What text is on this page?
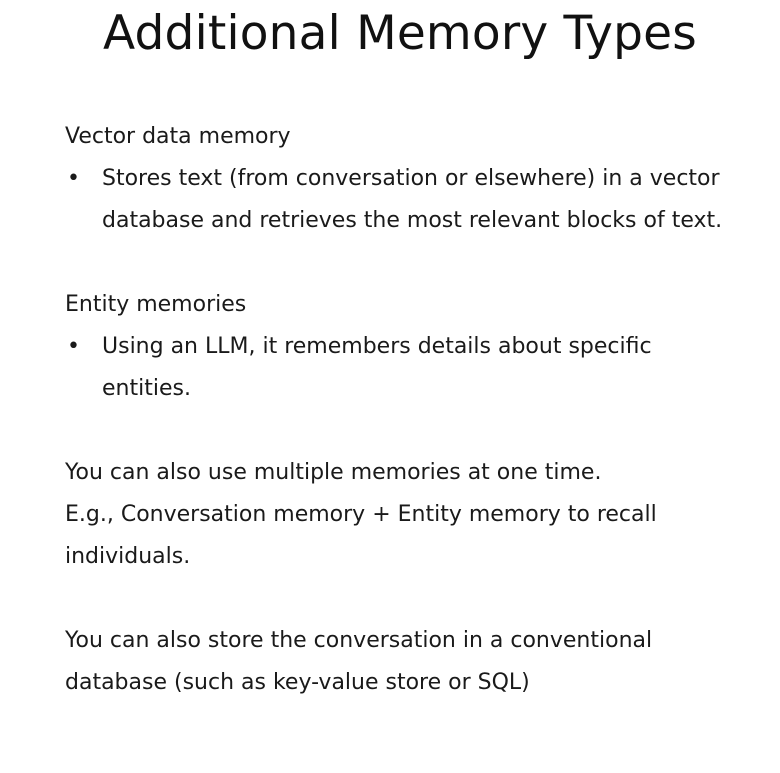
Additional Memory Types

Vector data memory

•	Stores text (from conversation or elsewhere) in a vector database and retrieves the most relevant blocks of text.

Entity memories

•	Using an LLM, it remembers details about specific entities.

You can also use multiple memories at one time.

E.g., Conversation memory + Entity memory to recall individuals.

You can also store the conversation in a conventional database (such as key-value store or SQL)
